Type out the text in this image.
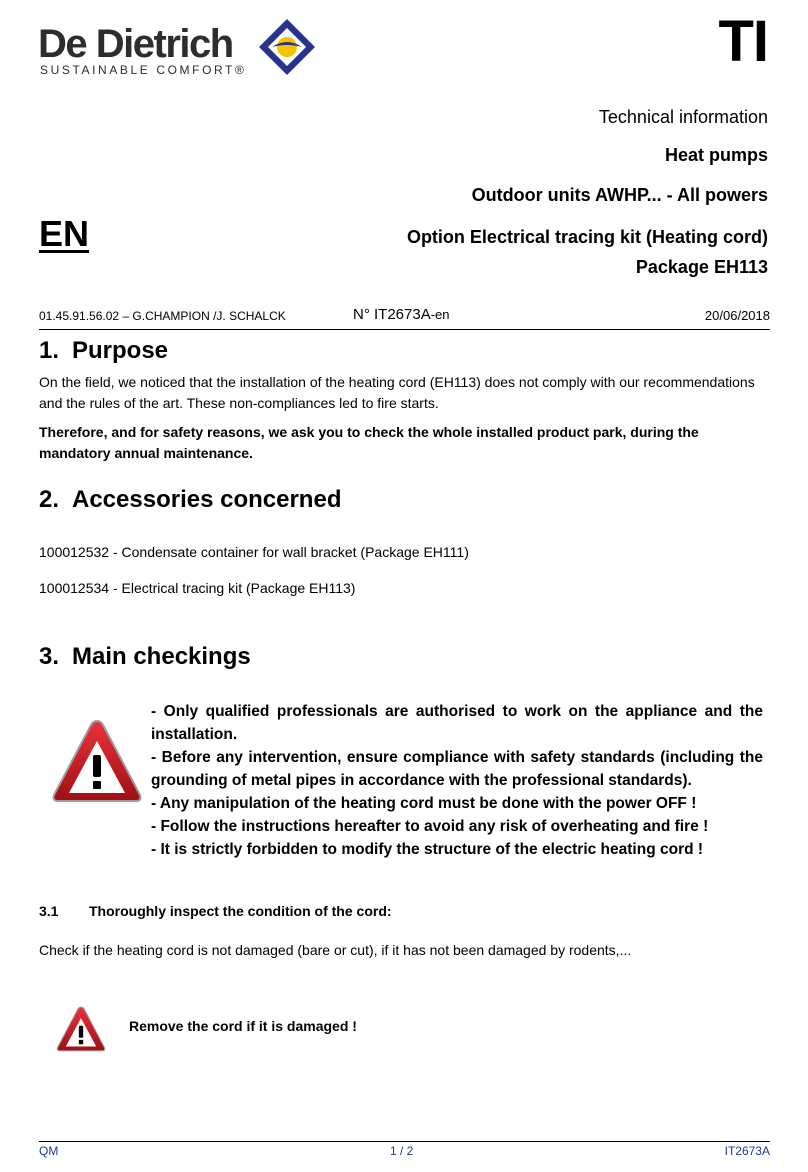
De Dietrich
SUSTAINABLE COMFORT®	TI
Technical information
Heat pumps
Outdoor units AWHP... - All powers
Option Electrical tracing kit (Heating cord)
Package EH113
EN
01.45.91.56.02 – G.CHAMPION /J. SCHALCK	N° IT2673A-en	20/06/2018
1. Purpose
On the field, we noticed that the installation of the heating cord (EH113) does not comply with our recommendations and the rules of the art. These non-compliances led to fire starts.
Therefore, and for safety reasons, we ask you to check the whole installed product park, during the mandatory annual maintenance.
2. Accessories concerned
100012532 - Condensate container for wall bracket (Package EH111)
100012534 - Electrical tracing kit (Package EH113)
3. Main checkings

- Only qualified professionals are authorised to work on the appliance and the installation.

- Before any intervention, ensure compliance with safety standards (including the grounding of metal pipes in accordance with the professional standards).

- Any manipulation of the heating cord must be done with the power OFF !

- Follow the instructions hereafter to avoid any risk of overheating and fire !

- It is strictly forbidden to modify the structure of the electric heating cord !

3.1 Thoroughly inspect the condition of the cord:
Check if the heating cord is not damaged (bare or cut), if it has not been damaged by rodents,...
Remove the cord if it is damaged !
QM	1 / 2	IT2673A
